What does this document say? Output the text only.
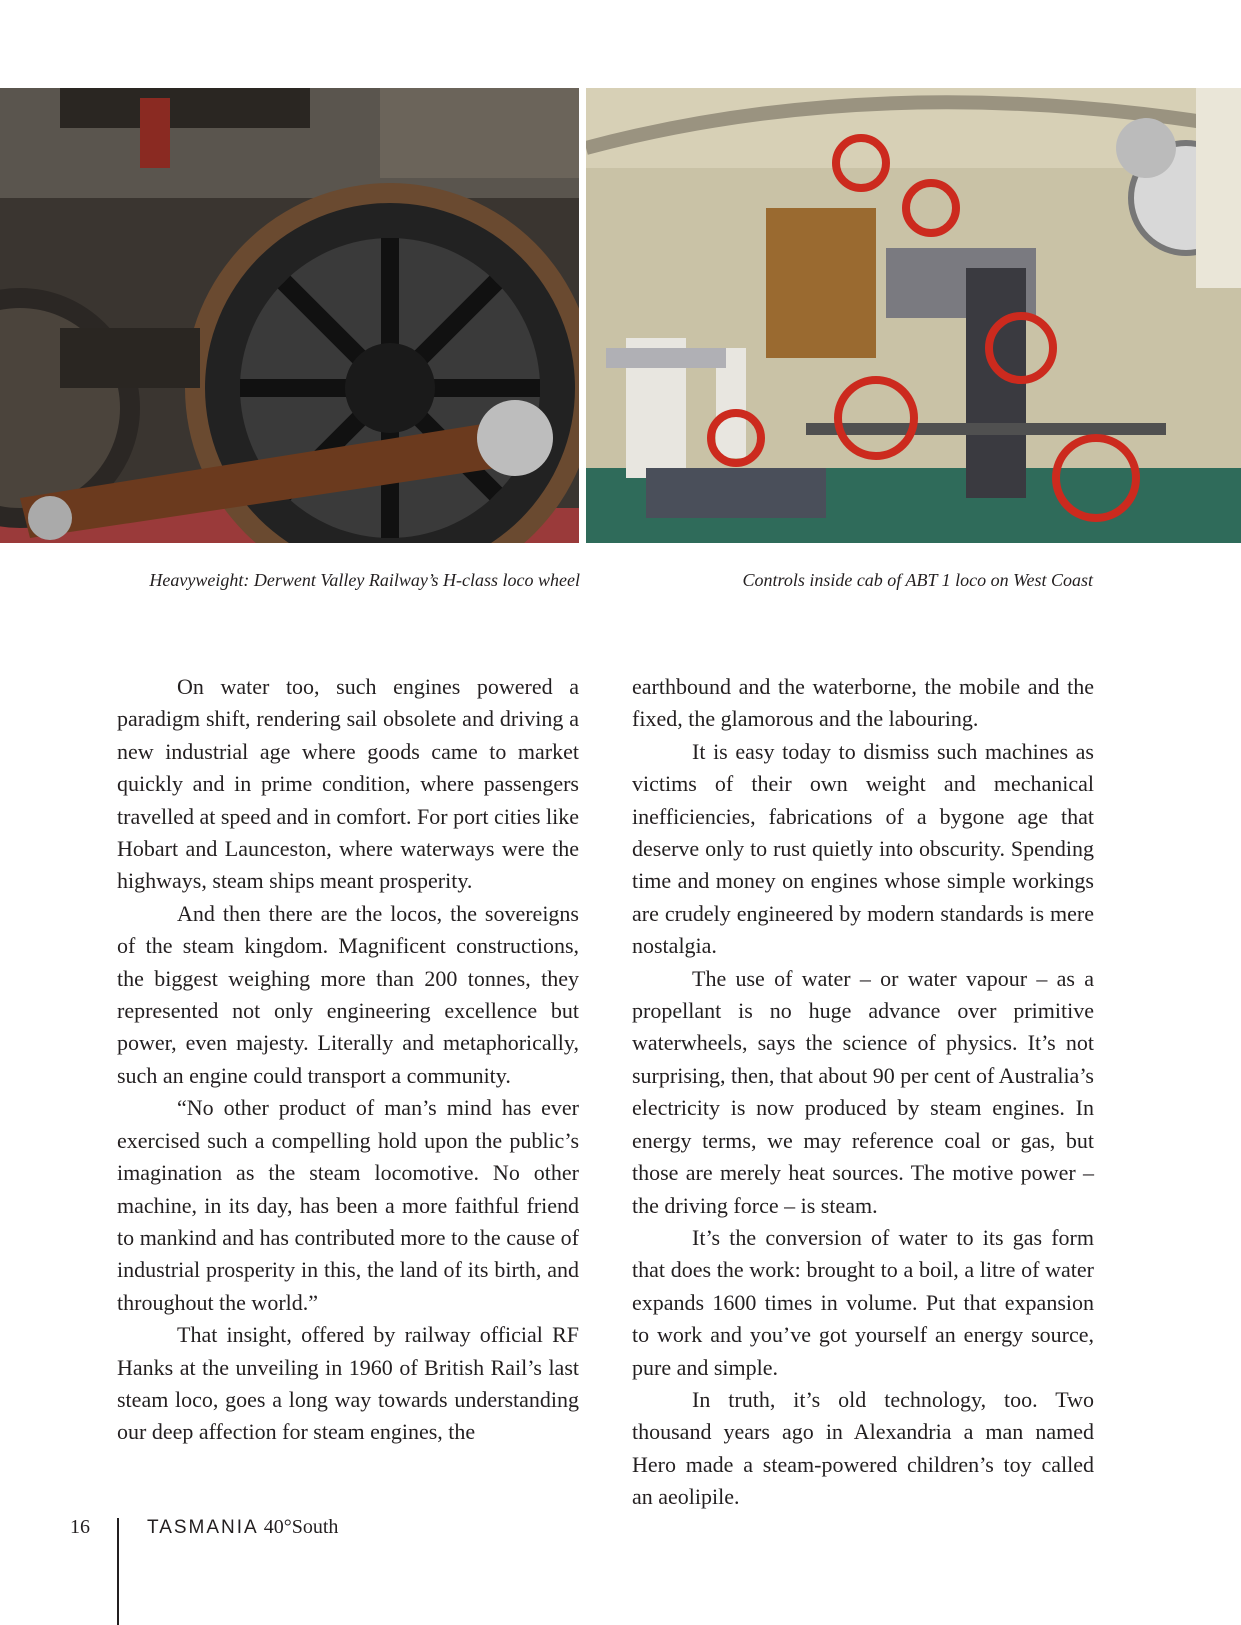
Heavyweight: Derwent Valley Railway’s H-class loco wheel	Controls inside cab of ABT 1 loco on West Coast

On water too, such engines powered a paradigm shift, rendering sail obsolete and driving a new industrial age where goods came to market quickly and in prime condition, where passengers travelled at speed and in comfort. For port cities like Hobart and Launceston, where waterways were the highways, steam ships meant prosperity.

And then there are the locos, the sovereigns of the steam kingdom. Magnificent constructions, the biggest weighing more than 200 tonnes, they represented not only engineering excellence but power, even majesty. Literally and metaphorically, such an engine could transport a community.

“No other product of man’s mind has ever exercised such a compelling hold upon the public’s imagination as the steam locomotive. No other machine, in its day, has been a more faithful friend to mankind and has contributed more to the cause of industrial prosperity in this, the land of its birth, and throughout the world.”

That insight, offered by railway official RF Hanks at the unveiling in 1960 of British Rail’s last steam loco, goes a long way towards understanding our deep affection for steam engines, the

earthbound and the waterborne, the mobile and the fixed, the glamorous and the labouring.

It is easy today to dismiss such machines as victims of their own weight and mechanical inefficiencies, fabrications of a bygone age that deserve only to rust quietly into obscurity. Spending time and money on engines whose simple workings are crudely engineered by modern standards is mere nostalgia.

The use of water – or water vapour – as a propellant is no huge advance over primitive waterwheels, says the science of physics. It’s not surprising, then, that about 90 per cent of Australia’s electricity is now produced by steam engines. In energy terms, we may reference coal or gas, but those are merely heat sources. The motive power – the driving force – is steam.

It’s the conversion of water to its gas form that does the work: brought to a boil, a litre of water expands 1600 times in volume. Put that expansion to work and you’ve got yourself an energy source, pure and simple.

In truth, it’s old technology, too. Two thousand years ago in Alexandria a man named Hero made a steam-powered children’s toy called an aeolipile.

16	TASMANIA 40°South
